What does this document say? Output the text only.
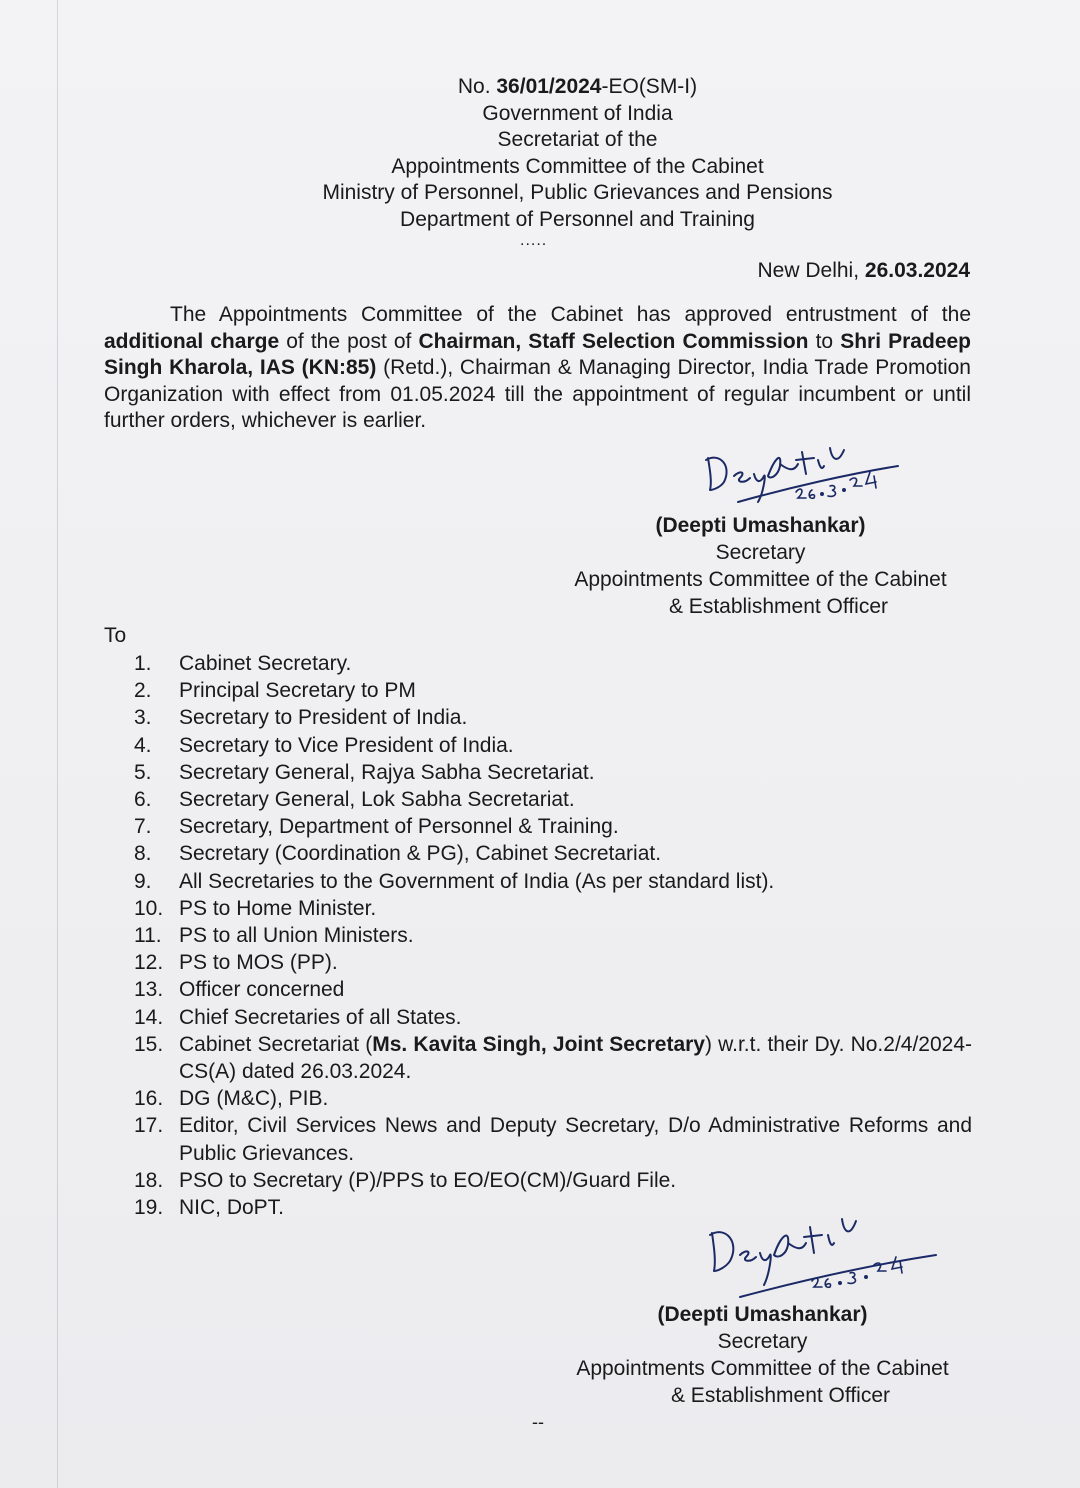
No. 36/01/2024-EO(SM-I)
Government of India
Secretariat of the
Appointments Committee of the Cabinet
Ministry of Personnel, Public Grievances and Pensions
Department of Personnel and Training
.....
New Delhi, 26.03.2024
The Appointments Committee of the Cabinet has approved entrustment of the additional charge of the post of Chairman, Staff Selection Commission to Shri Pradeep Singh Kharola, IAS (KN:85) (Retd.), Chairman & Managing Director, India Trade Promotion Organization with effect from 01.05.2024 till the appointment of regular incumbent or until further orders, whichever is earlier.
(Deepti Umashankar)
Secretary
Appointments Committee of the Cabinet
& Establishment Officer
To
1.	Cabinet Secretary.
2.	Principal Secretary to PM
3.	Secretary to President of India.
4.	Secretary to Vice President of India.
5.	Secretary General, Rajya Sabha Secretariat.
6.	Secretary General, Lok Sabha Secretariat.
7.	Secretary, Department of Personnel & Training.
8.	Secretary (Coordination & PG), Cabinet Secretariat.
9.	All Secretaries to the Government of India (As per standard list).
10. PS to Home Minister.
11. PS to all Union Ministers.
12. PS to MOS (PP).
13. Officer concerned
14. Chief Secretaries of all States.
15. Cabinet Secretariat (Ms. Kavita Singh, Joint Secretary) w.r.t. their Dy. No.2/4/2024-CS(A) dated 26.03.2024.
16. DG (M&C), PIB.
17. Editor, Civil Services News and Deputy Secretary, D/o Administrative Reforms and Public Grievances.
18. PSO to Secretary (P)/PPS to EO/EO(CM)/Guard File.
19. NIC, DoPT.
(Deepti Umashankar)
Secretary
Appointments Committee of the Cabinet
& Establishment Officer
--
